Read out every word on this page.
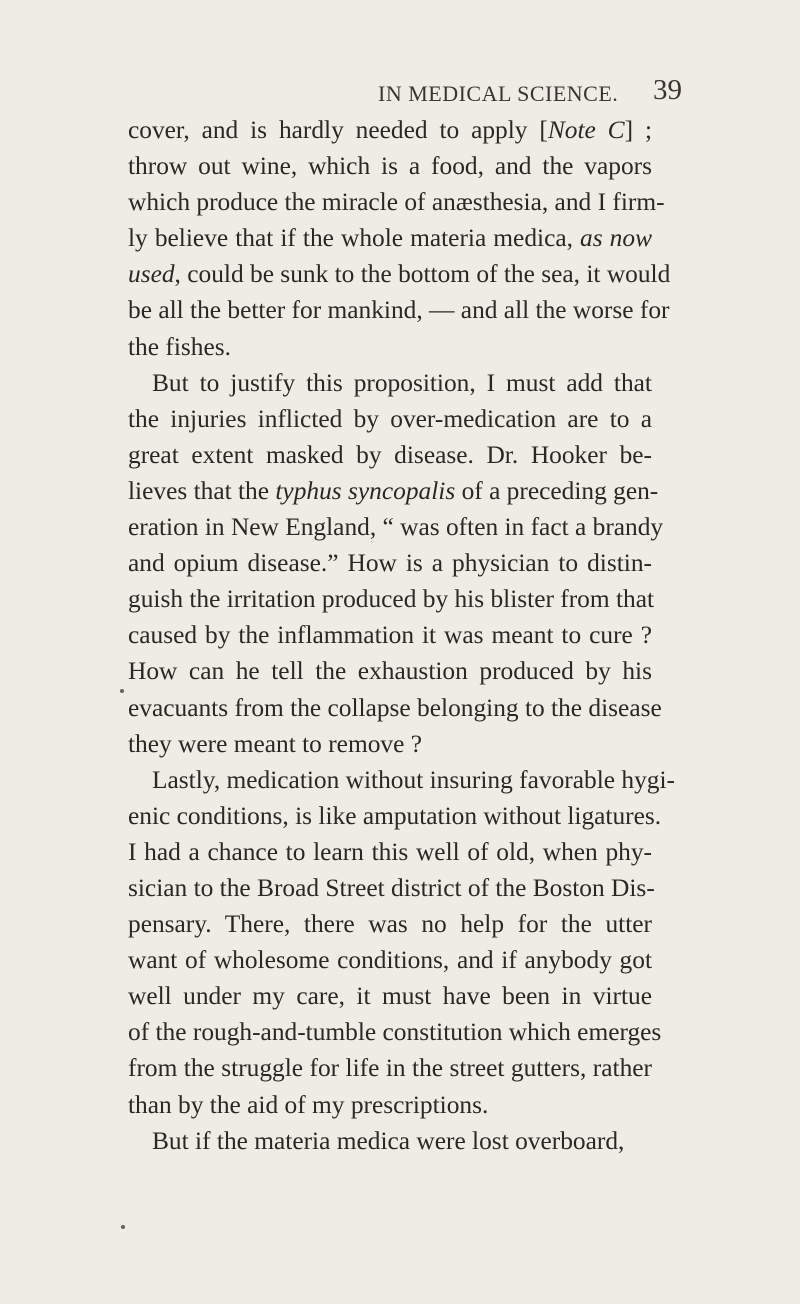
IN MEDICAL SCIENCE. 39
cover, and is hardly needed to apply [Note C] ;
throw out wine, which is a food, and the vapors
which produce the miracle of anæsthesia, and I firm-
ly believe that if the whole materia medica, as now
used, could be sunk to the bottom of the sea, it would
be all the better for mankind, — and all the worse for
the fishes.
But to justify this proposition, I must add that
the injuries inflicted by over-medication are to a
great extent masked by disease. Dr. Hooker be-
lieves that the typhus syncopalis of a preceding gen-
eration in New England, “ was often in fact a brandy
and opium disease.” How is a physician to distin-
guish the irritation produced by his blister from that
caused by the inflammation it was meant to cure ?
How can he tell the exhaustion produced by his
evacuants from the collapse belonging to the disease
they were meant to remove ?
Lastly, medication without insuring favorable hygi-
enic conditions, is like amputation without ligatures.
I had a chance to learn this well of old, when phy-
sician to the Broad Street district of the Boston Dis-
pensary. There, there was no help for the utter
want of wholesome conditions, and if anybody got
well under my care, it must have been in virtue
of the rough-and-tumble constitution which emerges
from the struggle for life in the street gutters, rather
than by the aid of my prescriptions.
But if the materia medica were lost overboard,
